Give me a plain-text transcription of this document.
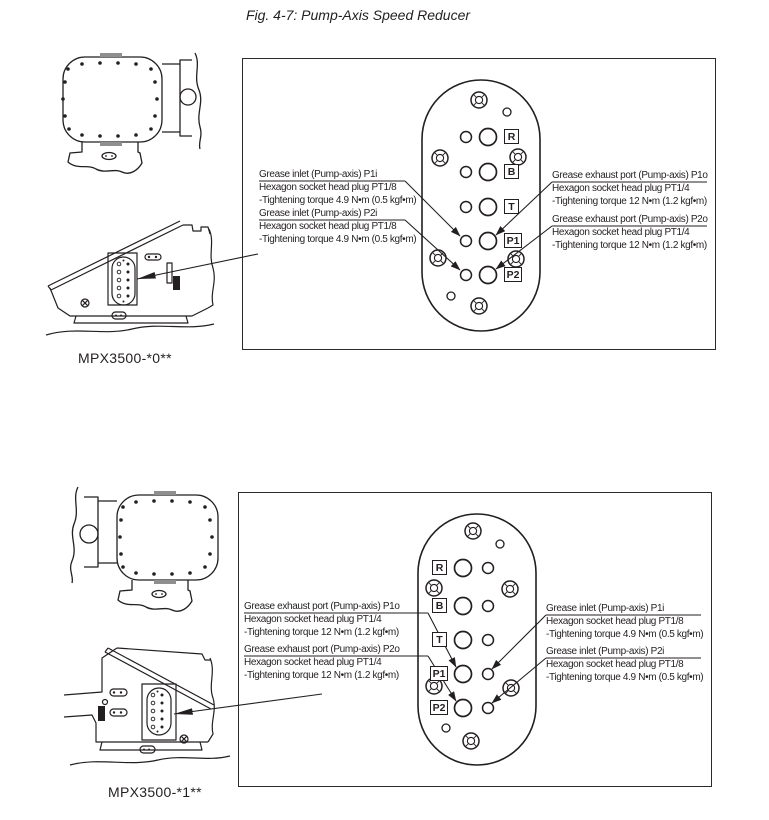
Fig. 4-7: Pump-Axis Speed Reducer
MPX3500-*0**
R
B
T
P1
P2
Grease inlet (Pump-axis) P1i
Hexagon socket head plug PT1/8
-Tightening torque 4.9 N•m (0.5 kgf•m)
Grease inlet (Pump-axis) P2i
Hexagon socket head plug PT1/8
-Tightening torque 4.9 N•m (0.5 kgf•m)
Grease exhaust port (Pump-axis) P1o
Hexagon socket head plug PT1/4
-Tightening torque 12 N•m (1.2 kgf•m)
Grease exhaust port (Pump-axis) P2o
Hexagon socket head plug PT1/4
-Tightening torque 12 N•m (1.2 kgf•m)
MPX3500-*1**
R
B
T
P1
P2
Grease exhaust port (Pump-axis) P1o
Hexagon socket head plug PT1/4
-Tightening torque 12 N•m (1.2 kgf•m)
Grease exhaust port (Pump-axis) P2o
Hexagon socket head plug PT1/4
-Tightening torque 12 N•m (1.2 kgf•m)
Grease inlet (Pump-axis) P1i
Hexagon socket head plug PT1/8
-Tightening torque 4.9 N•m (0.5 kgf•m)
Grease inlet (Pump-axis) P2i
Hexagon socket head plug PT1/8
-Tightening torque 4.9 N•m (0.5 kgf•m)
